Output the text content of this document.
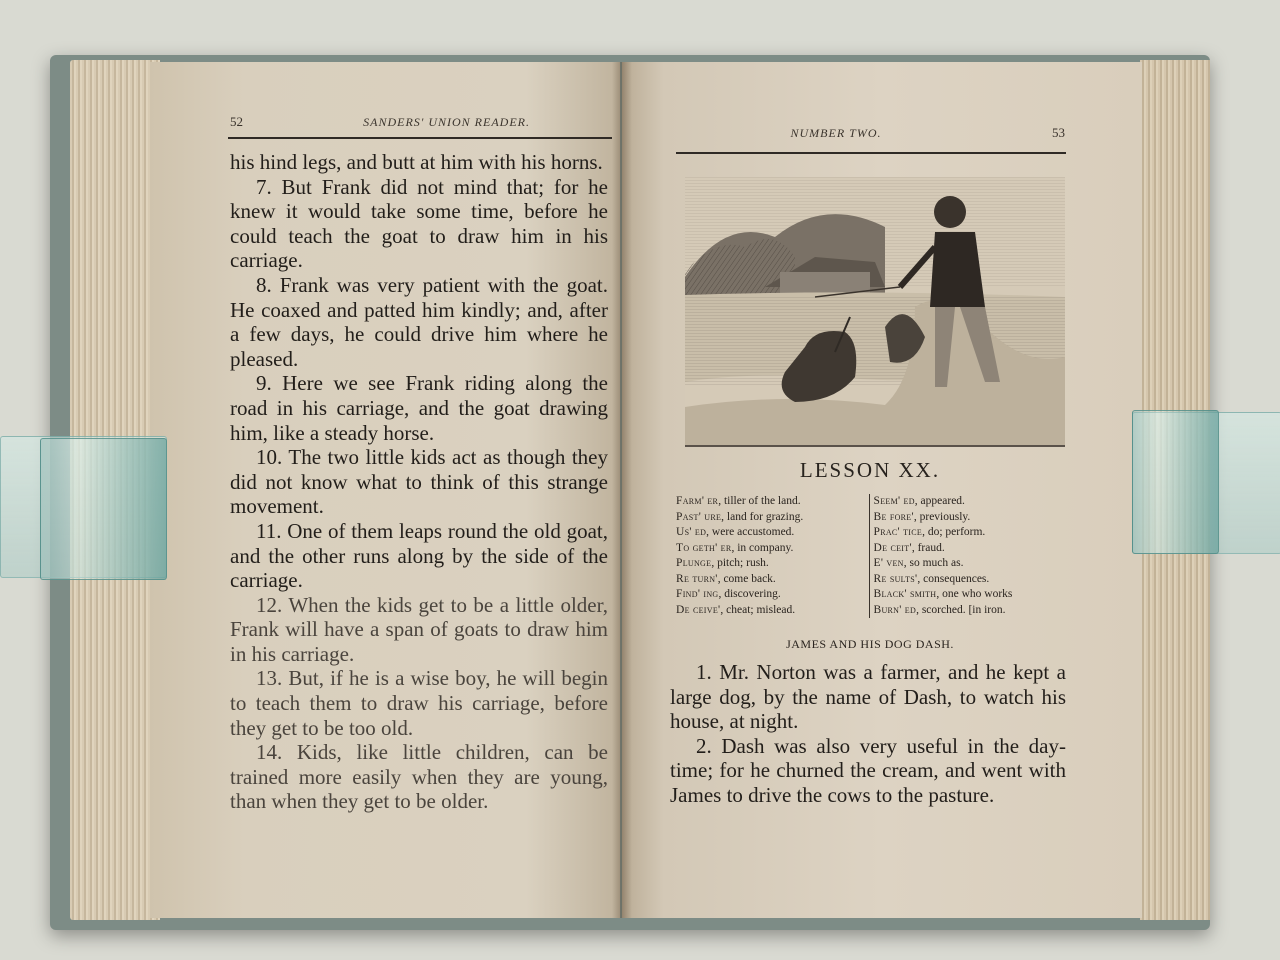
52	SANDERS' UNION READER.

his hind legs, and butt at him with his horns.

7. But Frank did not mind that; for he knew it would take some time, before he could teach the goat to draw him in his carriage.

8. Frank was very patient with the goat. He coaxed and patted him kindly; and, after a few days, he could drive him where he pleased.

9. Here we see Frank riding along the road in his carriage, and the goat drawing him, like a steady horse.

10. The two little kids act as though they did not know what to think of this strange movement.

11. One of them leaps round the old goat, and the other runs along by the side of the carriage.

12. When the kids get to be a little older, Frank will have a span of goats to draw him in his carriage.

13. But, if he is a wise boy, he will begin to teach them to draw his carriage, before they get to be too old.

14. Kids, like little children, can be trained more easily when they are young, than when they get to be older.

NUMBER TWO.	53
LESSON XX.
Farm' er, tiller of the land.
Past' ure, land for grazing.
Us' ed, were accustomed.
To geth' er, in company.
Plunge, pitch; rush.
Re turn', come back.
Find' ing, discovering.
De ceive', cheat; mislead.
Seem' ed, appeared.
Be fore', previously.
Prac' tice, do; perform.
De ceit', fraud.
E' ven, so much as.
Re sults', consequences.
Black' smith, one who works
Burn' ed, scorched. [in iron.
JAMES AND HIS DOG DASH.

1. Mr. Norton was a farmer, and he kept a large dog, by the name of Dash, to watch his house, at night.

2. Dash was also very useful in the day-time; for he churned the cream, and went with James to drive the cows to the pasture.
